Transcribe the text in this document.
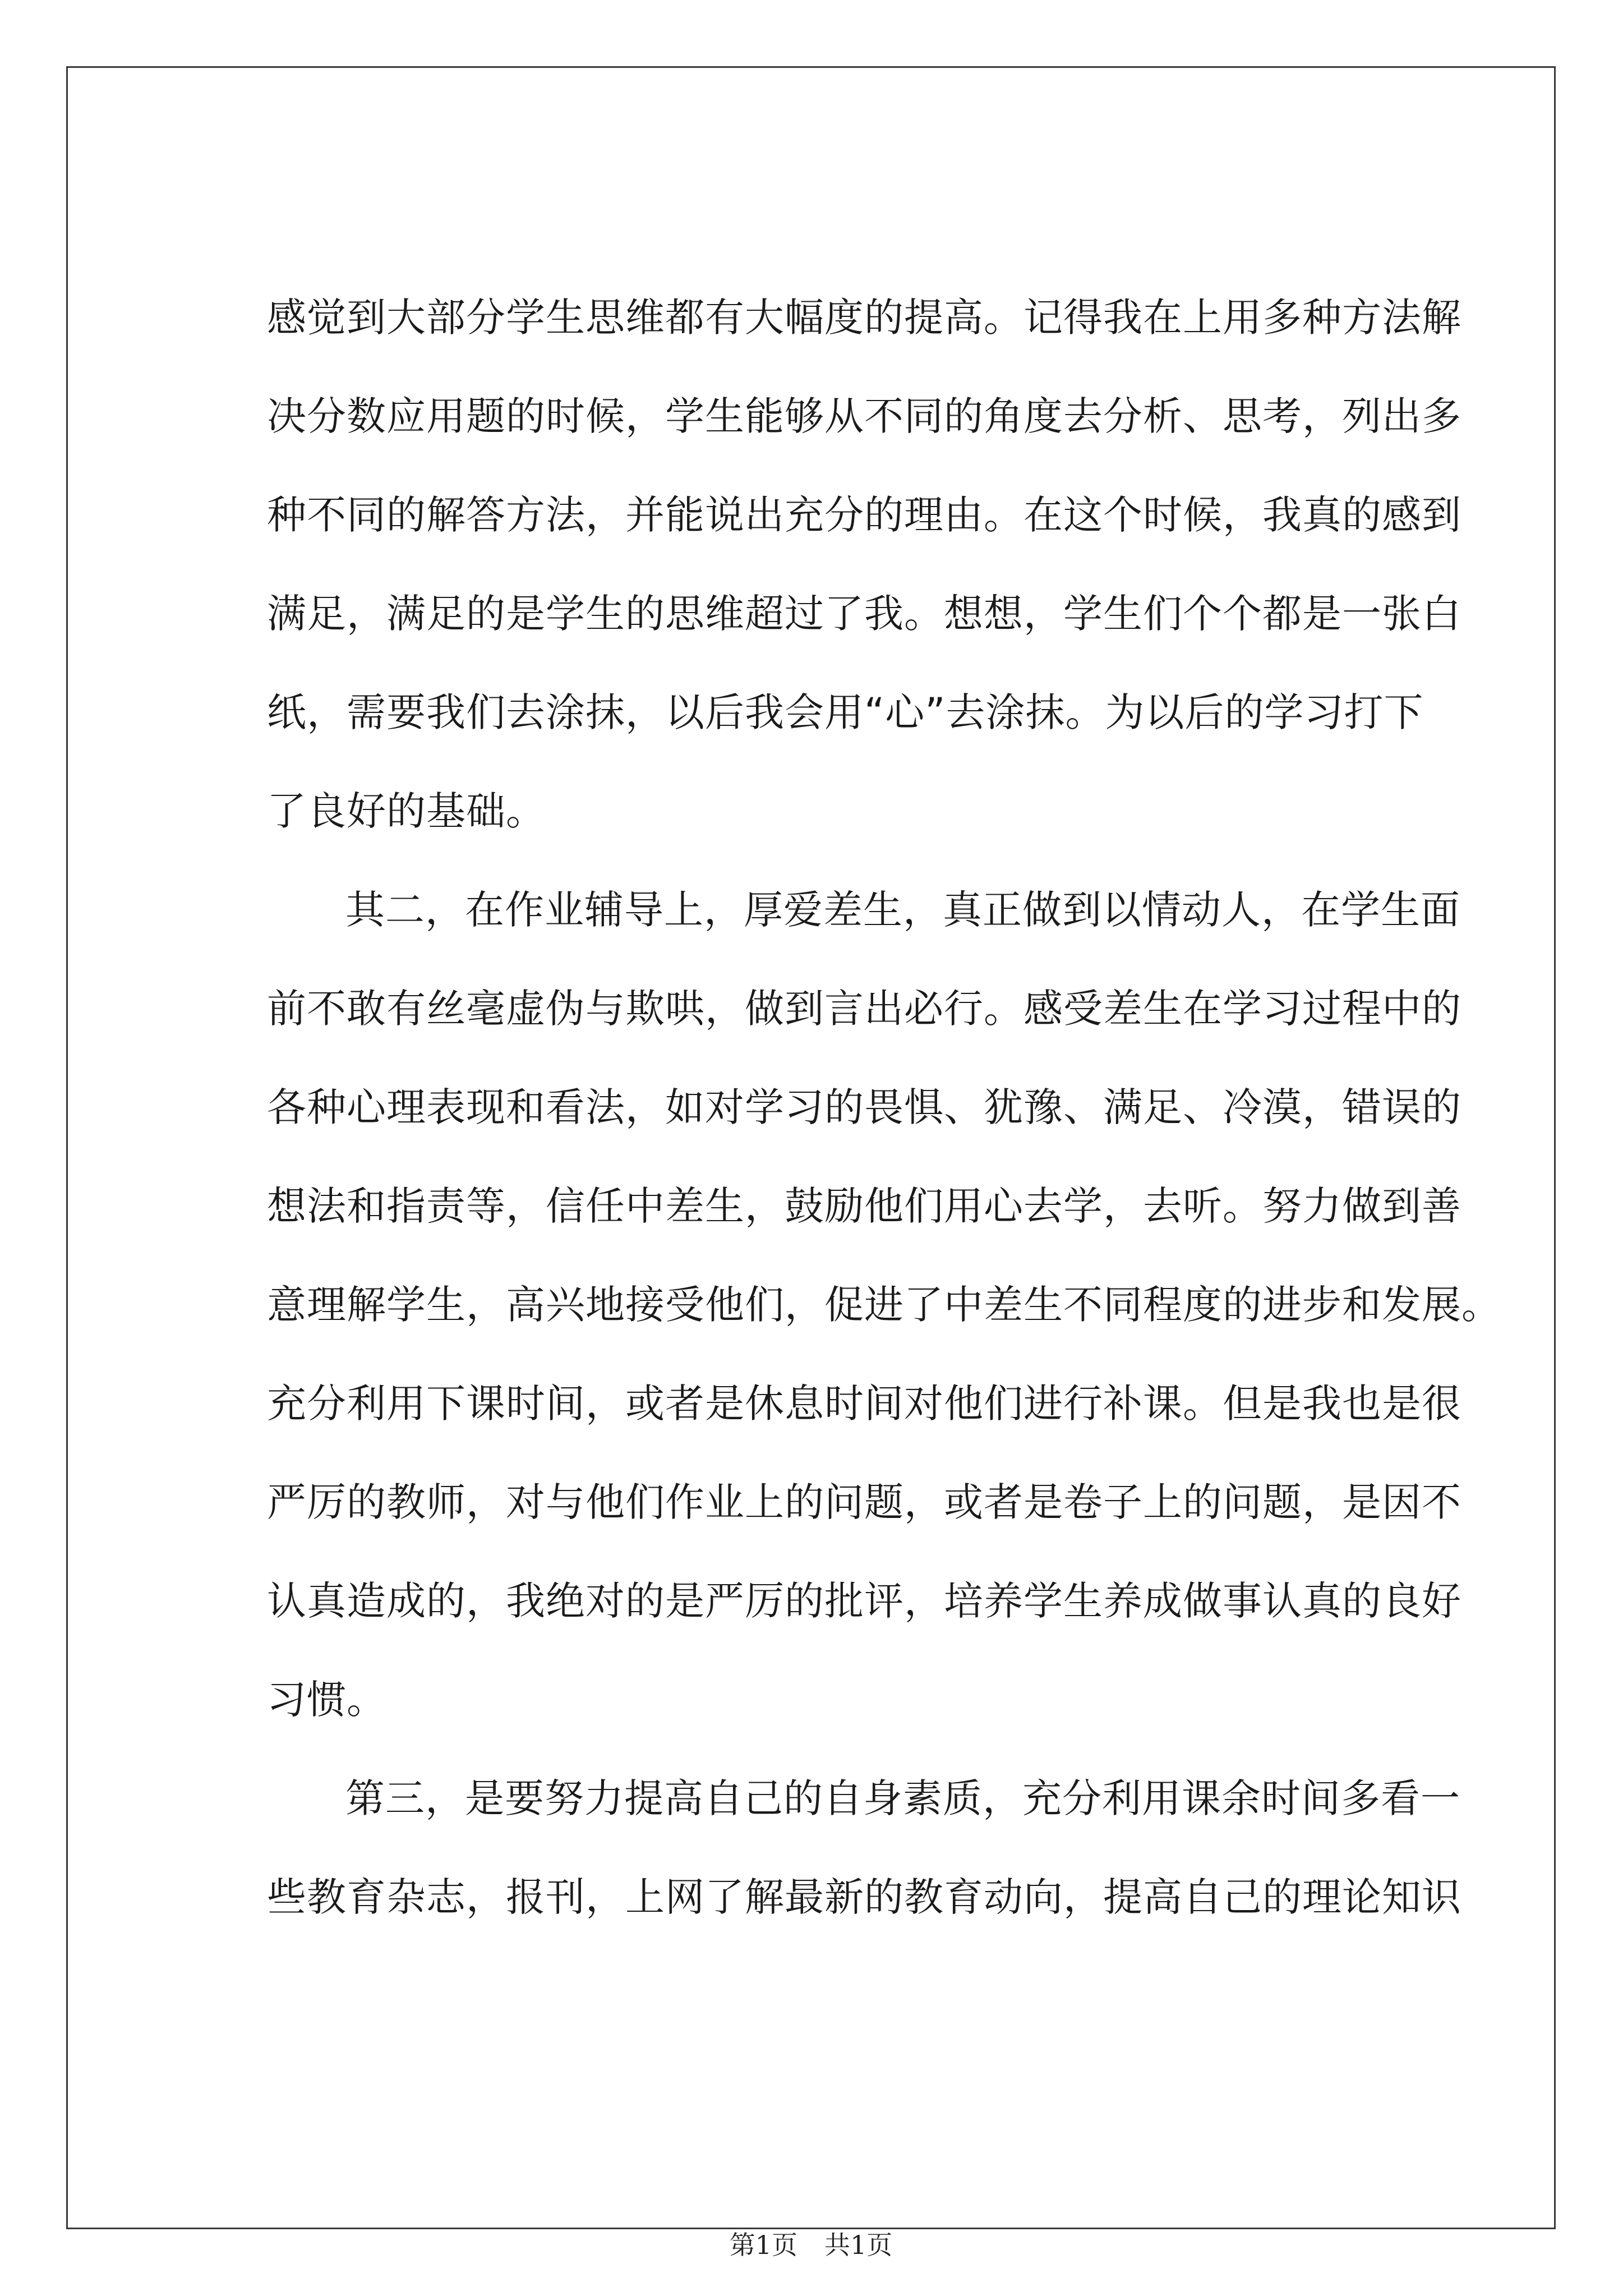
感觉到大部分学生思维都有大幅度的提高。记得我在上用多种方法解
决分数应用题的时候，学生能够从不同的角度去分析、思考，列出多
种不同的解答方法，并能说出充分的理由。在这个时候，我真的感到
满足，满足的是学生的思维超过了我。想想，学生们个个都是一张白
纸，需要我们去涂抹，以后我会用“心”去涂抹。为以后的学习打下
了良好的基础。
其二，在作业辅导上，厚爱差生，真正做到以情动人，在学生面
前不敢有丝毫虚伪与欺哄，做到言出必行。感受差生在学习过程中的
各种心理表现和看法，如对学习的畏惧、犹豫、满足、冷漠，错误的
想法和指责等，信任中差生，鼓励他们用心去学，去听。努力做到善
意理解学生，高兴地接受他们，促进了中差生不同程度的进步和发展。
充分利用下课时间，或者是休息时间对他们进行补课。但是我也是很
严厉的教师，对与他们作业上的问题，或者是卷子上的问题，是因不
认真造成的，我绝对的是严厉的批评，培养学生养成做事认真的良好
习惯。
第三，是要努力提高自己的自身素质，充分利用课余时间多看一
些教育杂志，报刊，上网了解最新的教育动向，提高自己的理论知识
第1页 共1页
